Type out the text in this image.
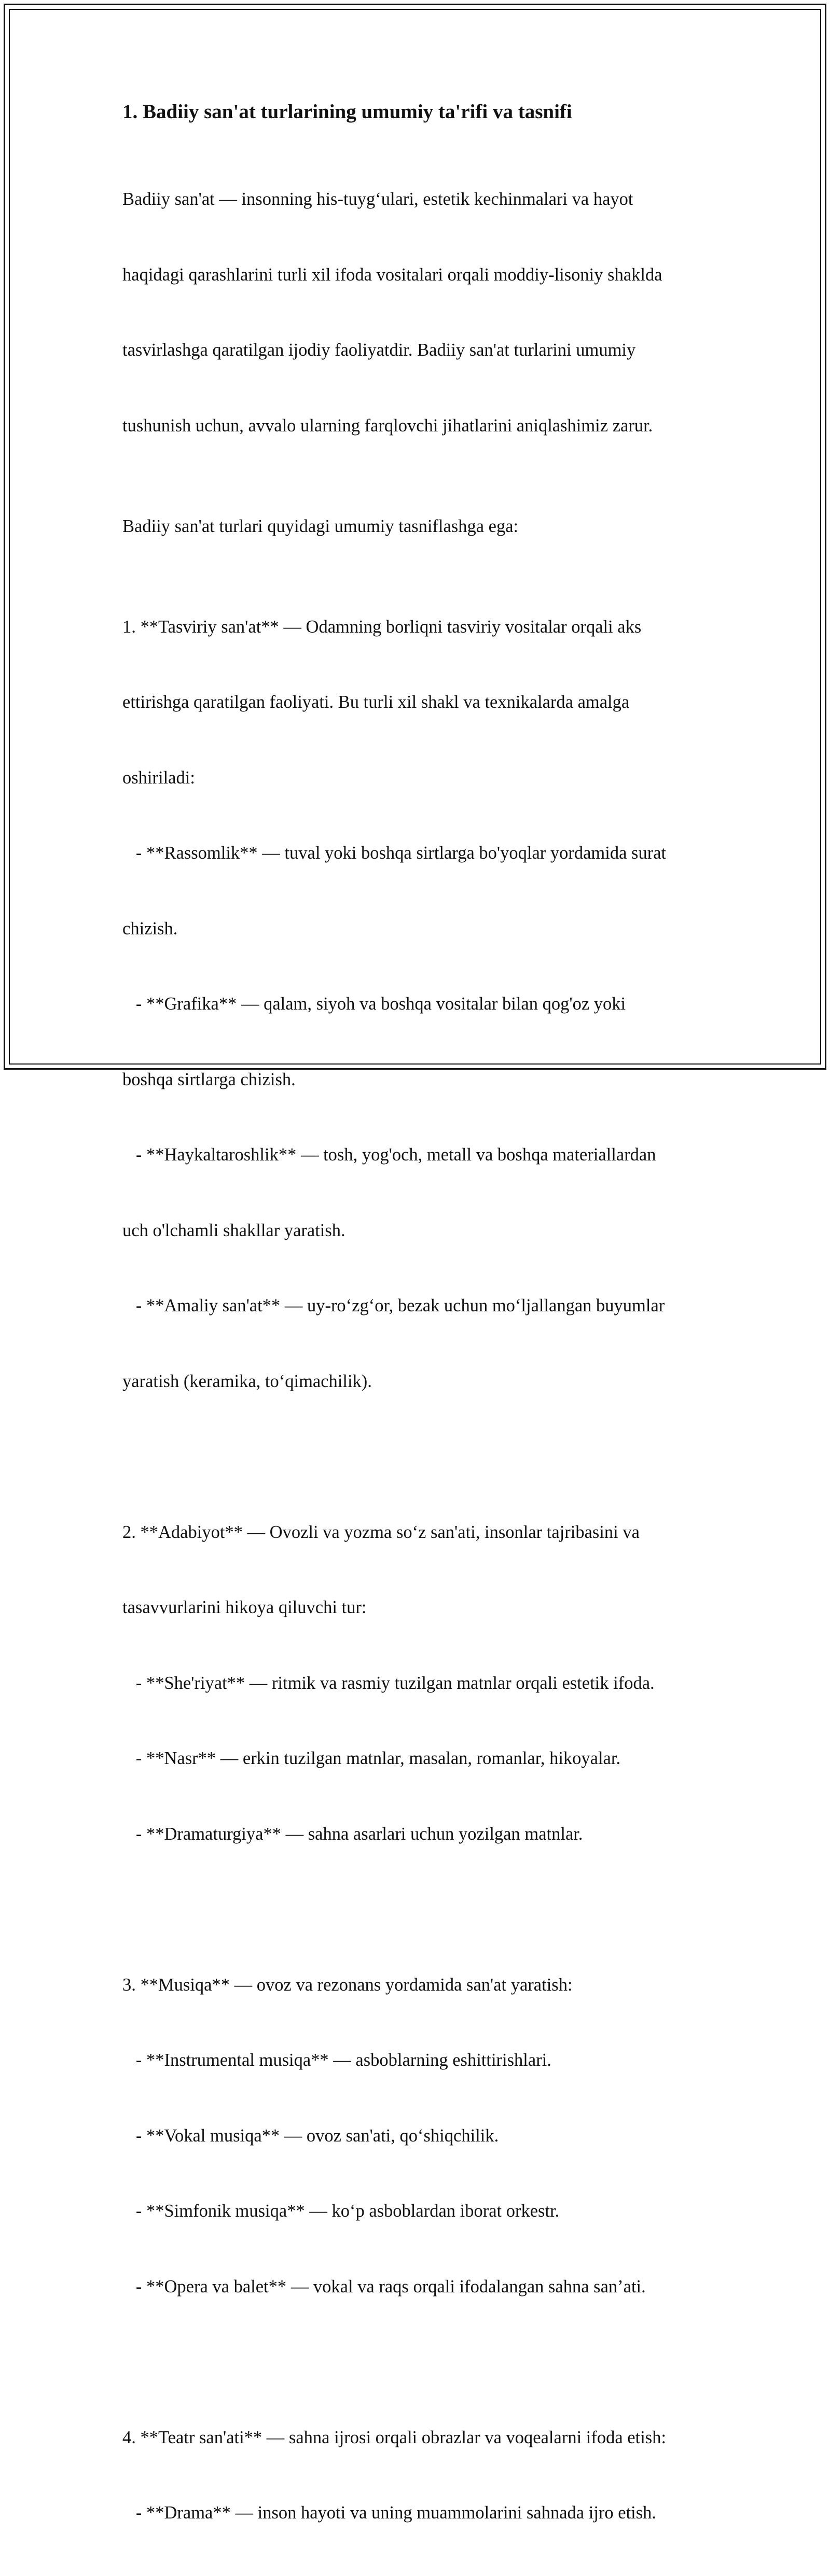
1. Badiiy san'at turlarining umumiy ta'rifi va tasnifi

Badiiy san'at — insonning his-tuyg‘ulari, estetik kechinmalari va hayot

haqidagi qarashlarini turli xil ifoda vositalari orqali moddiy-lisoniy shaklda

tasvirlashga qaratilgan ijodiy faoliyatdir. Badiiy san'at turlarini umumiy

tushunish uchun, avvalo ularning farqlovchi jihatlarini aniqlashimiz zarur.

Badiiy san'at turlari quyidagi umumiy tasniflashga ega:

1. **Tasviriy san'at** — Odamning borliqni tasviriy vositalar orqali aks

ettirishga qaratilgan faoliyati. Bu turli xil shakl va texnikalarda amalga

oshiriladi:

- **Rassomlik** — tuval yoki boshqa sirtlarga bo'yoqlar yordamida surat

chizish.

- **Grafika** — qalam, siyoh va boshqa vositalar bilan qog'oz yoki

boshqa sirtlarga chizish.

- **Haykaltaroshlik** — tosh, yog'och, metall va boshqa materiallardan

uch o'lchamli shakllar yaratish.

- **Amaliy san'at** — uy-ro‘zg‘or, bezak uchun mo‘ljallangan buyumlar

yaratish (keramika, to‘qimachilik).

2. **Adabiyot** — Ovozli va yozma so‘z san'ati, insonlar tajribasini va

tasavvurlarini hikoya qiluvchi tur:

- **She'riyat** — ritmik va rasmiy tuzilgan matnlar orqali estetik ifoda.

- **Nasr** — erkin tuzilgan matnlar, masalan, romanlar, hikoyalar.

- **Dramaturgiya** — sahna asarlari uchun yozilgan matnlar.

3. **Musiqa** — ovoz va rezonans yordamida san'at yaratish:

- **Instrumental musiqa** — asboblarning eshittirishlari.

- **Vokal musiqa** — ovoz san'ati, qo‘shiqchilik.

- **Simfonik musiqa** — ko‘p asboblardan iborat orkestr.

- **Opera va balet** — vokal va raqs orqali ifodalangan sahna san’ati.

4. **Teatr san'ati** — sahna ijrosi orqali obrazlar va voqealarni ifoda etish:

- **Drama** — inson hayoti va uning muammolarini sahnada ijro etish.
